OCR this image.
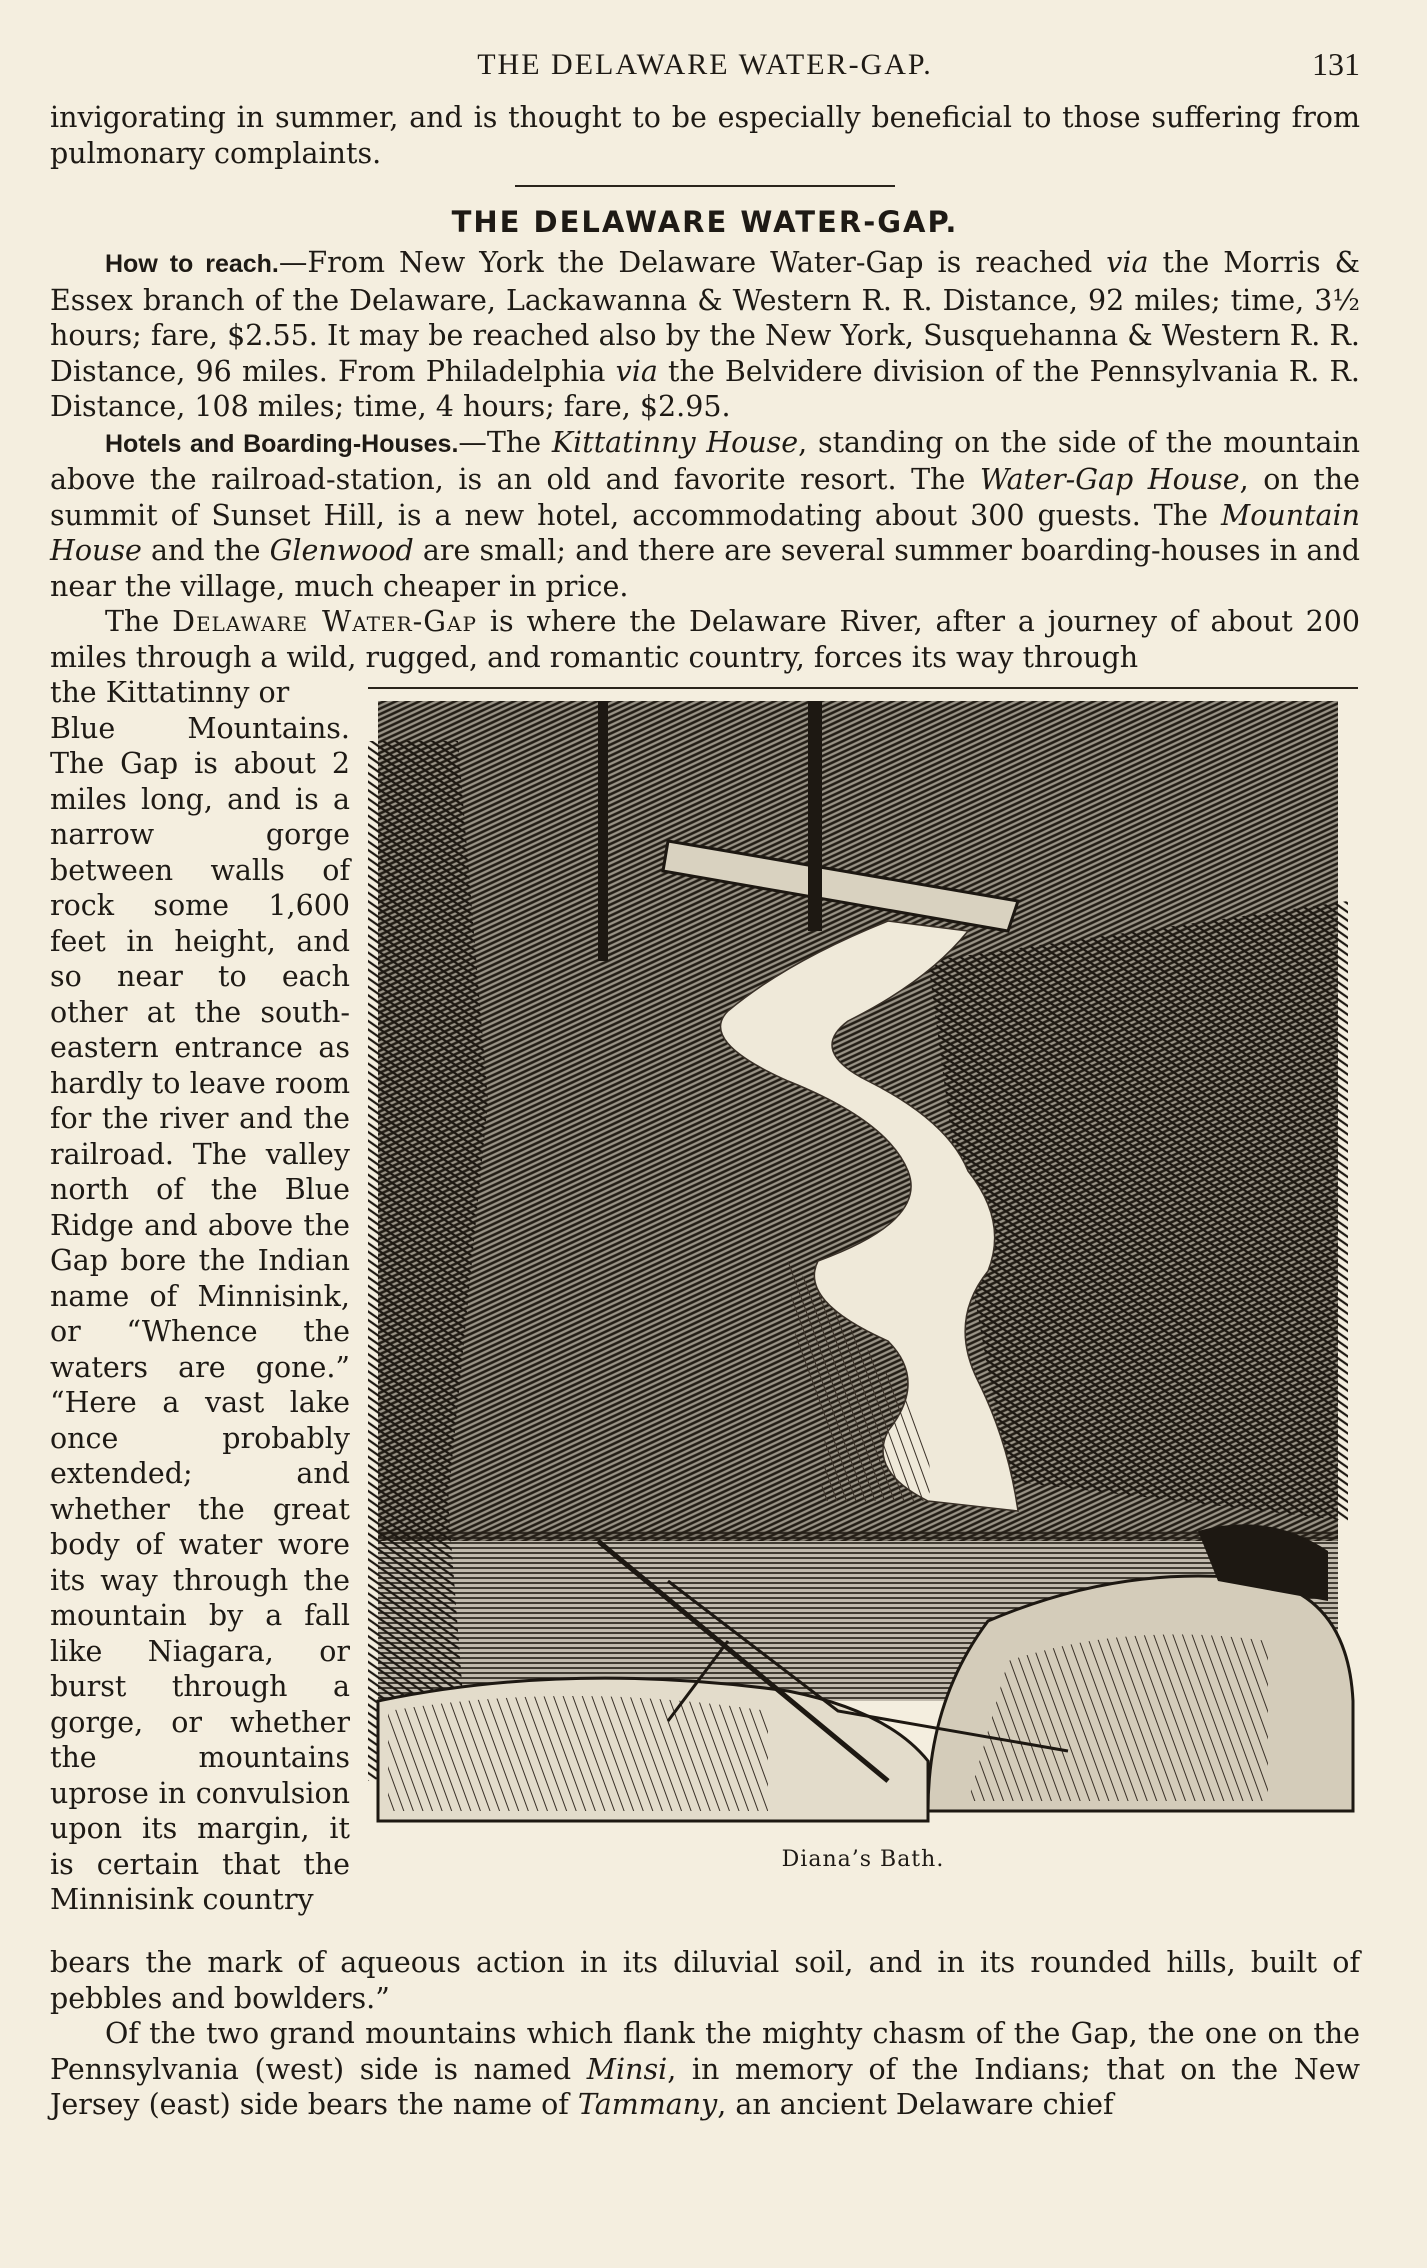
THE DELAWARE WATER-GAP.	131

invigorating in summer, and is thought to be especially beneficial to those suffering from pulmonary complaints.

THE DELAWARE WATER-GAP.

How to reach.—From New York the Delaware Water-Gap is reached via the Morris & Essex branch of the Delaware, Lackawanna & Western R. R. Distance, 92 miles; time, 3½ hours; fare, $2.55. It may be reached also by the New York, Susquehanna & Western R. R. Distance, 96 miles. From Philadelphia via the Belvidere division of the Pennsylvania R. R. Distance, 108 miles; time, 4 hours; fare, $2.95.

Hotels and Boarding-Houses.—The Kittatinny House, standing on the side of the mountain above the railroad-station, is an old and favorite resort. The Water-Gap House, on the summit of Sunset Hill, is a new hotel, accommodating about 300 guests. The Mountain House and the Glenwood are small; and there are several summer boarding-houses in and near the village, much cheaper in price.

The Delaware Water-Gap is where the Delaware River, after a journey of about 200 miles through a wild, rugged, and romantic country, forces its way through

the Kittatinny or

Blue Mountains. The Gap is about 2 miles long, and is a narrow gorge between walls of rock some 1,600 feet in height, and so near to each other at the south-eastern entrance as hardly to leave room for the river and the railroad. The valley north of the Blue Ridge and above the Gap bore the Indian name of Minnisink, or “Whence the waters are gone.” “Here a vast lake once probably extended; and whether the great body of water wore its way through the mountain by a fall like Niagara, or burst through a gorge, or whether the mountains uprose in convulsion upon its margin, it is certain that the Minnisink country

Diana’s Bath.

bears the mark of aqueous action in its diluvial soil, and in its rounded hills, built of pebbles and bowlders.”

Of the two grand mountains which flank the mighty chasm of the Gap, the one on the Pennsylvania (west) side is named Minsi, in memory of the Indians; that on the New Jersey (east) side bears the name of Tammany, an ancient Delaware chief
